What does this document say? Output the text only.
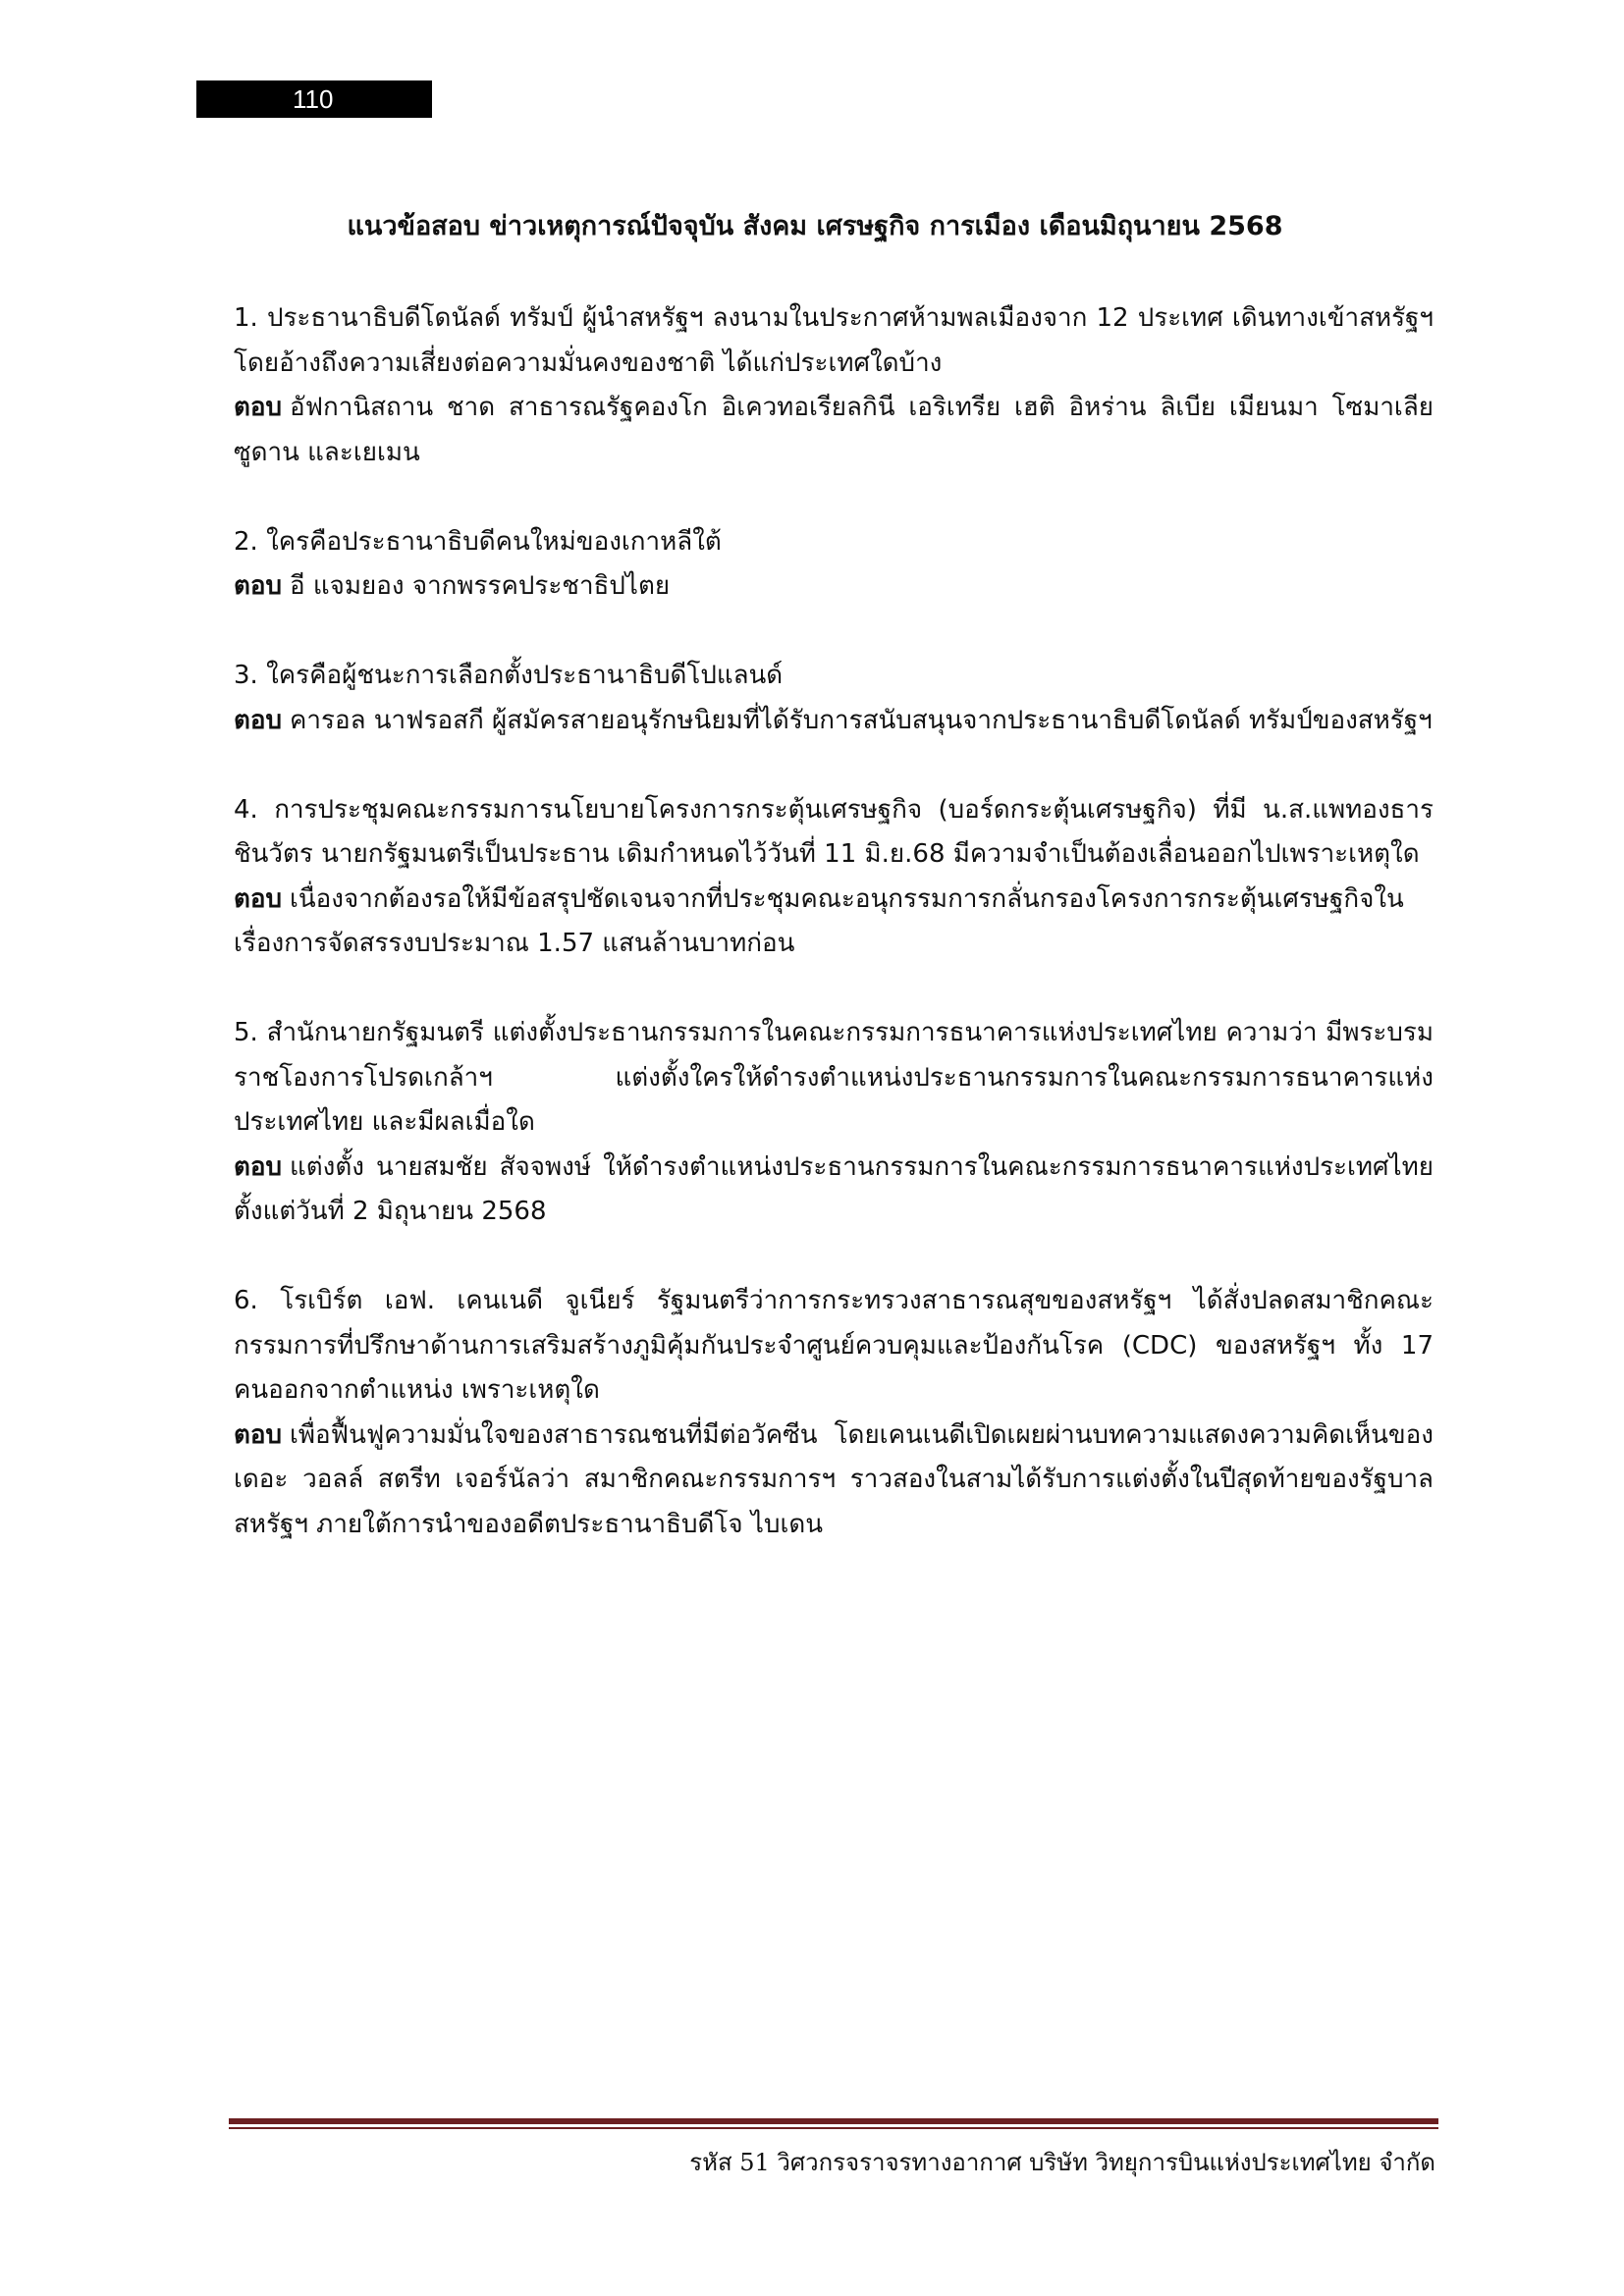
110
แนวข้อสอบ ข่าวเหตุการณ์ปัจจุบัน สังคม เศรษฐกิจ การเมือง เดือนมิถุนายน 2568

1. ประธานาธิบดีโดนัลด์ ทรัมป์ ผู้นำสหรัฐฯ ลงนามในประกาศห้ามพลเมืองจาก 12 ประเทศ เดินทางเข้าสหรัฐฯ โดยอ้างถึงความเสี่ยงต่อความมั่นคงของชาติ ได้แก่ประเทศใดบ้าง

ตอบ อัฟกานิสถาน ชาด สาธารณรัฐคองโก อิเควทอเรียลกินี เอริเทรีย เฮติ อิหร่าน ลิเบีย เมียนมา โซมาเลีย ซูดาน และเยเมน

2. ใครคือประธานาธิบดีคนใหม่ของเกาหลีใต้

ตอบ อี แจมยอง จากพรรคประชาธิปไตย

3. ใครคือผู้ชนะการเลือกตั้งประธานาธิบดีโปแลนด์

ตอบ คารอล นาฟรอสกี ผู้สมัครสายอนุรักษนิยมที่ได้รับการสนับสนุนจากประธานาธิบดีโดนัลด์ ทรัมป์ของสหรัฐฯ

4. การประชุมคณะกรรมการนโยบายโครงการกระตุ้นเศรษฐกิจ (บอร์ดกระตุ้นเศรษฐกิจ) ที่มี น.ส.แพทองธาร ชินวัตร นายกรัฐมนตรีเป็นประธาน เดิมกำหนดไว้วันที่ 11 มิ.ย.68 มีความจำเป็นต้องเลื่อนออกไปเพราะเหตุใด

ตอบ เนื่องจากต้องรอให้มีข้อสรุปชัดเจนจากที่ประชุมคณะอนุกรรมการกลั่นกรองโครงการกระตุ้นเศรษฐกิจในเรื่องการจัดสรรงบประมาณ 1.57 แสนล้านบาทก่อน

5. สำนักนายกรัฐมนตรี แต่งตั้งประธานกรรมการในคณะกรรมการธนาคารแห่งประเทศไทย ความว่า มีพระบรมราชโองการโปรดเกล้าฯ แต่งตั้งใครให้ดำรงตำแหน่งประธานกรรมการในคณะกรรมการธนาคารแห่งประเทศไทย และมีผลเมื่อใด

ตอบ แต่งตั้ง นายสมชัย สัจจพงษ์ ให้ดำรงตำแหน่งประธานกรรมการในคณะกรรมการธนาคารแห่งประเทศไทย ตั้งแต่วันที่ 2 มิถุนายน 2568

6. โรเบิร์ต เอฟ. เคนเนดี จูเนียร์ รัฐมนตรีว่าการกระทรวงสาธารณสุขของสหรัฐฯ ได้สั่งปลดสมาชิกคณะกรรมการที่ปรึกษาด้านการเสริมสร้างภูมิคุ้มกันประจำศูนย์ควบคุมและป้องกันโรค (CDC) ของสหรัฐฯ ทั้ง 17 คนออกจากตำแหน่ง เพราะเหตุใด

ตอบ เพื่อฟื้นฟูความมั่นใจของสาธารณชนที่มีต่อวัคซีน โดยเคนเนดีเปิดเผยผ่านบทความแสดงความคิดเห็นของเดอะ วอลล์ สตรีท เจอร์นัลว่า สมาชิกคณะกรรมการฯ ราวสองในสามได้รับการแต่งตั้งในปีสุดท้ายของรัฐบาลสหรัฐฯ ภายใต้การนำของอดีตประธานาธิบดีโจ ไบเดน

รหัส 51 วิศวกรจราจรทางอากาศ บริษัท วิทยุการบินแห่งประเทศไทย จำกัด
